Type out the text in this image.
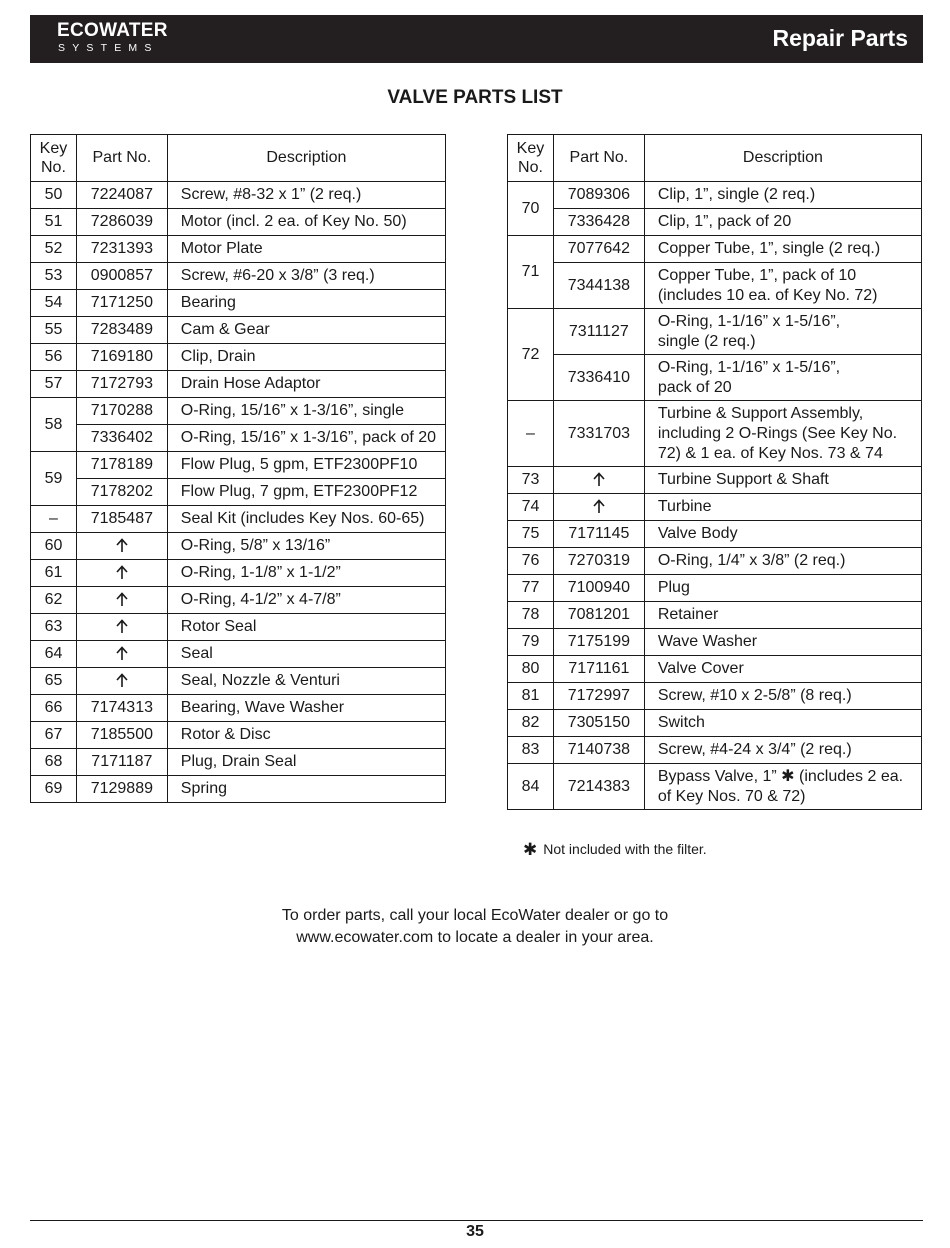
ECOWATER
SYSTEMS	Repair Parts
VALVE PARTS LIST
Key No.	Part No.	Description
50	7224087	Screw, #8-32 x 1” (2 req.)
51	7286039	Motor (incl. 2 ea. of Key No. 50)
52	7231393	Motor Plate
53	0900857	Screw, #6-20 x 3/8” (3 req.)
54	7171250	Bearing
55	7283489	Cam & Gear
56	7169180	Clip, Drain
57	7172793	Drain Hose Adaptor
58	7170288	O-Ring, 15/16” x 1-3/16”, single
	7336402	O-Ring, 15/16” x 1-3/16”, pack of 20
59	7178189	Flow Plug, 5 gpm, ETF2300PF10
	7178202	Flow Plug, 7 gpm, ETF2300PF12
–	7185487	Seal Kit (includes Key Nos. 60-65)
60		O-Ring, 5/8” x 13/16”
61		O-Ring, 1-1/8” x 1-1/2”
62		O-Ring, 4-1/2” x 4-7/8”
63		Rotor Seal
64		Seal
65		Seal, Nozzle & Venturi
66	7174313	Bearing, Wave Washer
67	7185500	Rotor & Disc
68	7171187	Plug, Drain Seal
69	7129889	Spring
Key No.	Part No.	Description
70	7089306	Clip, 1”, single (2 req.)
	7336428	Clip, 1”, pack of 20
71	7077642	Copper Tube, 1”, single (2 req.)
	7344138	Copper Tube, 1”, pack of 10
(includes 10 ea. of Key No. 72)

72	7311127	O-Ring, 1-1/16” x 1-5/16”,
single (2 req.)

	7336410	O-Ring, 1-1/16” x 1-5/16”,
pack of 20

–	7331703	Turbine & Support Assembly,
including 2 O-Rings (See Key No.
72) & 1 ea. of Key Nos. 73 & 74

73		Turbine Support & Shaft
74		Turbine
75	7171145	Valve Body
76	7270319	O-Ring, 1/4” x 3/8” (2 req.)
77	7100940	Plug
78	7081201	Retainer
79	7175199	Wave Washer
80	7171161	Valve Cover
81	7172997	Screw, #10 x 2-5/8” (8 req.)
82	7305150	Switch
83	7140738	Screw, #4-24 x 3/4” (2 req.)
84	7214383	Bypass Valve, 1” ✱ (includes 2 ea.
of Key Nos. 70 & 72)
✱ Not included with the filter.
To order parts, call your local EcoWater dealer or go to
www.ecowater.com to locate a dealer in your area.
35
